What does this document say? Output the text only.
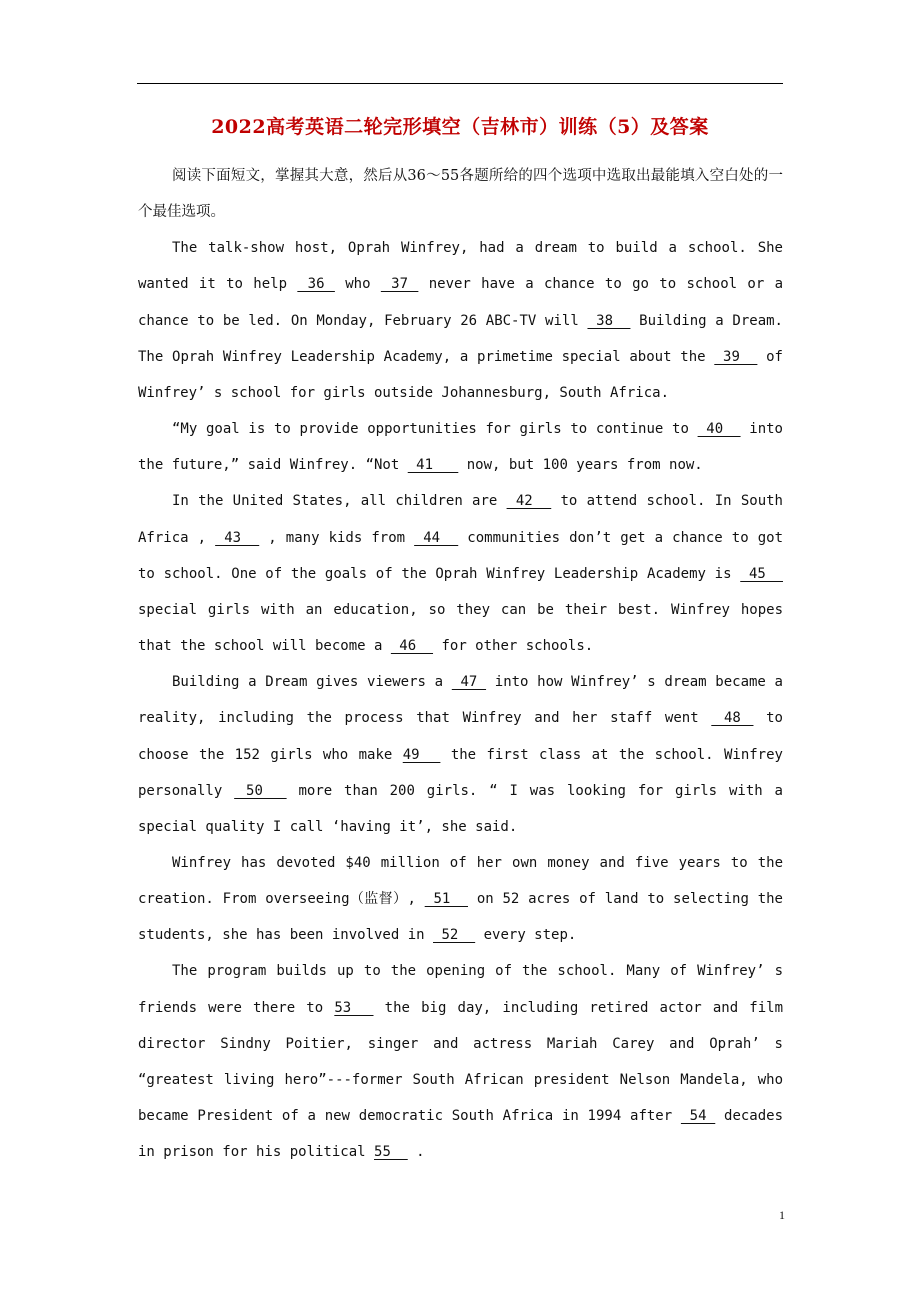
2022高考英语二轮完形填空（吉林市）训练（5）及答案

阅读下面短文，掌握其大意，然后从36～55各题所给的四个选项中选取出最能填入空白处的一个最佳选项。

The talk-show host, Oprah Winfrey, had a dream to build a school. She wanted it to help  36  who  37  never have a chance to go to school or a chance to be led. On Monday, February 26 ABC-TV will  38   Building a Dream. The Oprah Winfrey Leadership Academy, a primetime special about the  39   of Winfrey’ s school for girls outside Johannesburg, South Africa.

“My goal is to provide opportunities for girls to continue to  40   into the future,” said Winfrey. “Not  41    now, but 100 years from now.

In the United States, all children are  42   to attend school. In South Africa ,  43   , many kids from  44   communities don’t get a chance to got to school. One of the goals of the Oprah Winfrey Leadership Academy is  45   special girls with an education, so they can be their best. Winfrey hopes that the school will become a  46   for other schools.

Building a Dream gives viewers a  47  into how Winfrey’ s dream became a reality, including the process that Winfrey and her staff went  48  to choose the 152 girls who make 49   the first class at the school. Winfrey personally  50   more than 200 girls. “ I was looking for girls with a special quality I call ‘having it’, she said.

Winfrey has devoted $40 million of her own money and five years to the creation. From overseeing（监督）,  51   on 52 acres of land to selecting the students, she has been involved in  52   every step.

The program builds up to the opening of the school. Many of Winfrey’ s friends were there to 53   the big day, including retired actor and film director Sindny Poitier, singer and actress Mariah Carey and Oprah’ s “greatest living hero”---former South African president Nelson Mandela, who became President of a new democratic South Africa in 1994 after  54  decades in prison for his political 55   .

1
